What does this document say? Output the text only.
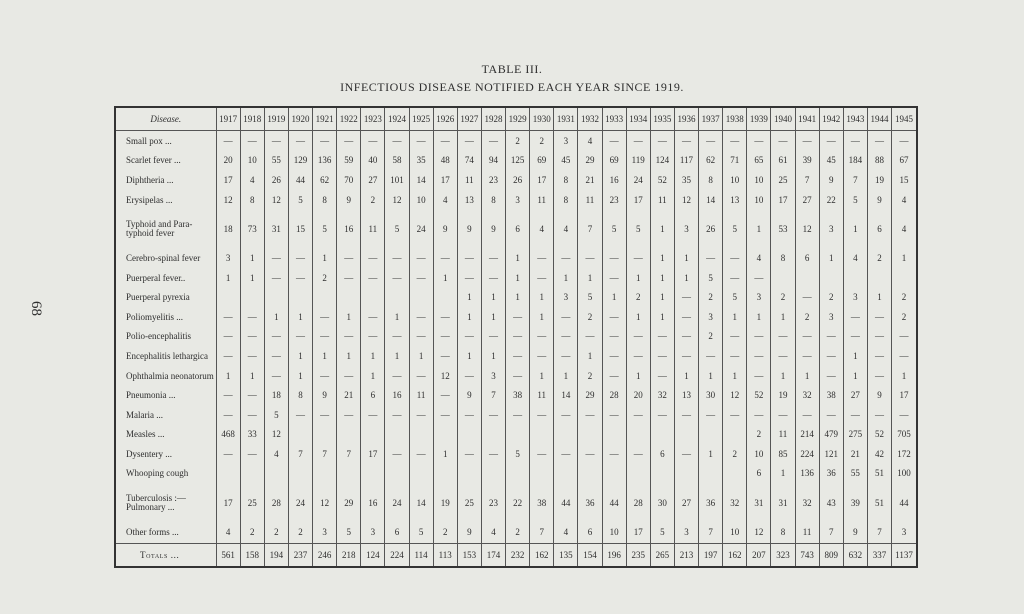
68
TABLE III.
INFECTIOUS DISEASE NOTIFIED EACH YEAR SINCE 1919.
Disease.	1917	1918	1919	1920	1921	1922	1923	1924	1925	1926	1927	1928	1929	1930	1931	1932	1933	1934	1935	1936	1937	1938	1939	1940	1941	1942	1943	1944	1945
Small pox ...	—	—	—	—	—	—	—	—	—	—	—	—	2	2	3	4	—	—	—	—	—	—	—	—	—	—	—	—	—
Scarlet fever ...	20	10	55	129	136	59	40	58	35	48	74	94	125	69	45	29	69	119	124	117	62	71	65	61	39	45	184	88	67
Diphtheria ...	17	4	26	44	62	70	27	101	14	17	11	23	26	17	8	21	16	24	52	35	8	10	10	25	7	9	7	19	15
Erysipelas ...	12	8	12	5	8	9	2	12	10	4	13	8	3	11	8	11	23	17	11	12	14	13	10	17	27	22	5	9	4
Typhoid and Para-typhoid fever	18	73	31	15	5	16	11	5	24	9	9	9	6	4	4	7	5	5	1	3	26	5	1	53	12	3	1	6	4
Cerebro-spinal fever	3	1	—	—	1	—	—	—	—	—	—	—	1	—	—	—	—	—	1	1	—	—	4	8	6	1	4	2	1
Puerperal fever..	1	1	—	—	2	—	—	—	—	1	—	—	1	—	1	1	—	1	1	1	5	—	—						
Puerperal pyrexia											1	1	1	1	3	5	1	2	1	—	2	5	3	2	—	2	3	1	2
Poliomyelitis ...	—	—	1	1	—	1	—	1	—	—	1	1	—	1	—	2	—	1	1	—	3	1	1	1	2	3	—	—	2
Polio-encephalitis	—	—	—	—	—	—	—	—	—	—	—	—	—	—	—	—	—	—	—	—	2	—	—	—	—	—	—	—	—
Encephalitis lethargica	—	—	—	1	1	1	1	1	1	—	1	1	—	—	—	1	—	—	—	—	—	—	—	—	—	—	1	—	—
Ophthalmia neonatorum	1	1	—	1	—	—	1	—	—	12	—	3	—	1	1	2	—	1	—	1	1	1	—	1	1	—	1	—	1
Pneumonia ...	—	—	18	8	9	21	6	16	11	—	9	7	38	11	14	29	28	20	32	13	30	12	52	19	32	38	27	9	17
Malaria ...	—	—	5	—	—	—	—	—	—	—	—	—	—	—	—	—	—	—	—	—	—	—	—	—	—	—	—	—	—
Measles ...	468	33	12																				2	11	214	479	275	52	705
Dysentery ...	—	—	4	7	7	7	17	—	—	1	—	—	5	—	—	—	—	—	6	—	1	2	10	85	224	121	21	42	172
Whooping cough																							6	1	136	36	55	51	100
Tuberculosis :— Pulmonary ...	17	25	28	24	12	29	16	24	14	19	25	23	22	38	44	36	44	28	30	27	36	32	31	31	32	43	39	51	44
Other forms ...	4	2	2	2	3	5	3	6	5	2	9	4	2	7	4	6	10	17	5	3	7	10	12	8	11	7	9	7	3
Totals ...	561	158	194	237	246	218	124	224	114	113	153	174	232	162	135	154	196	235	265	213	197	162	207	323	743	809	632	337	1137
